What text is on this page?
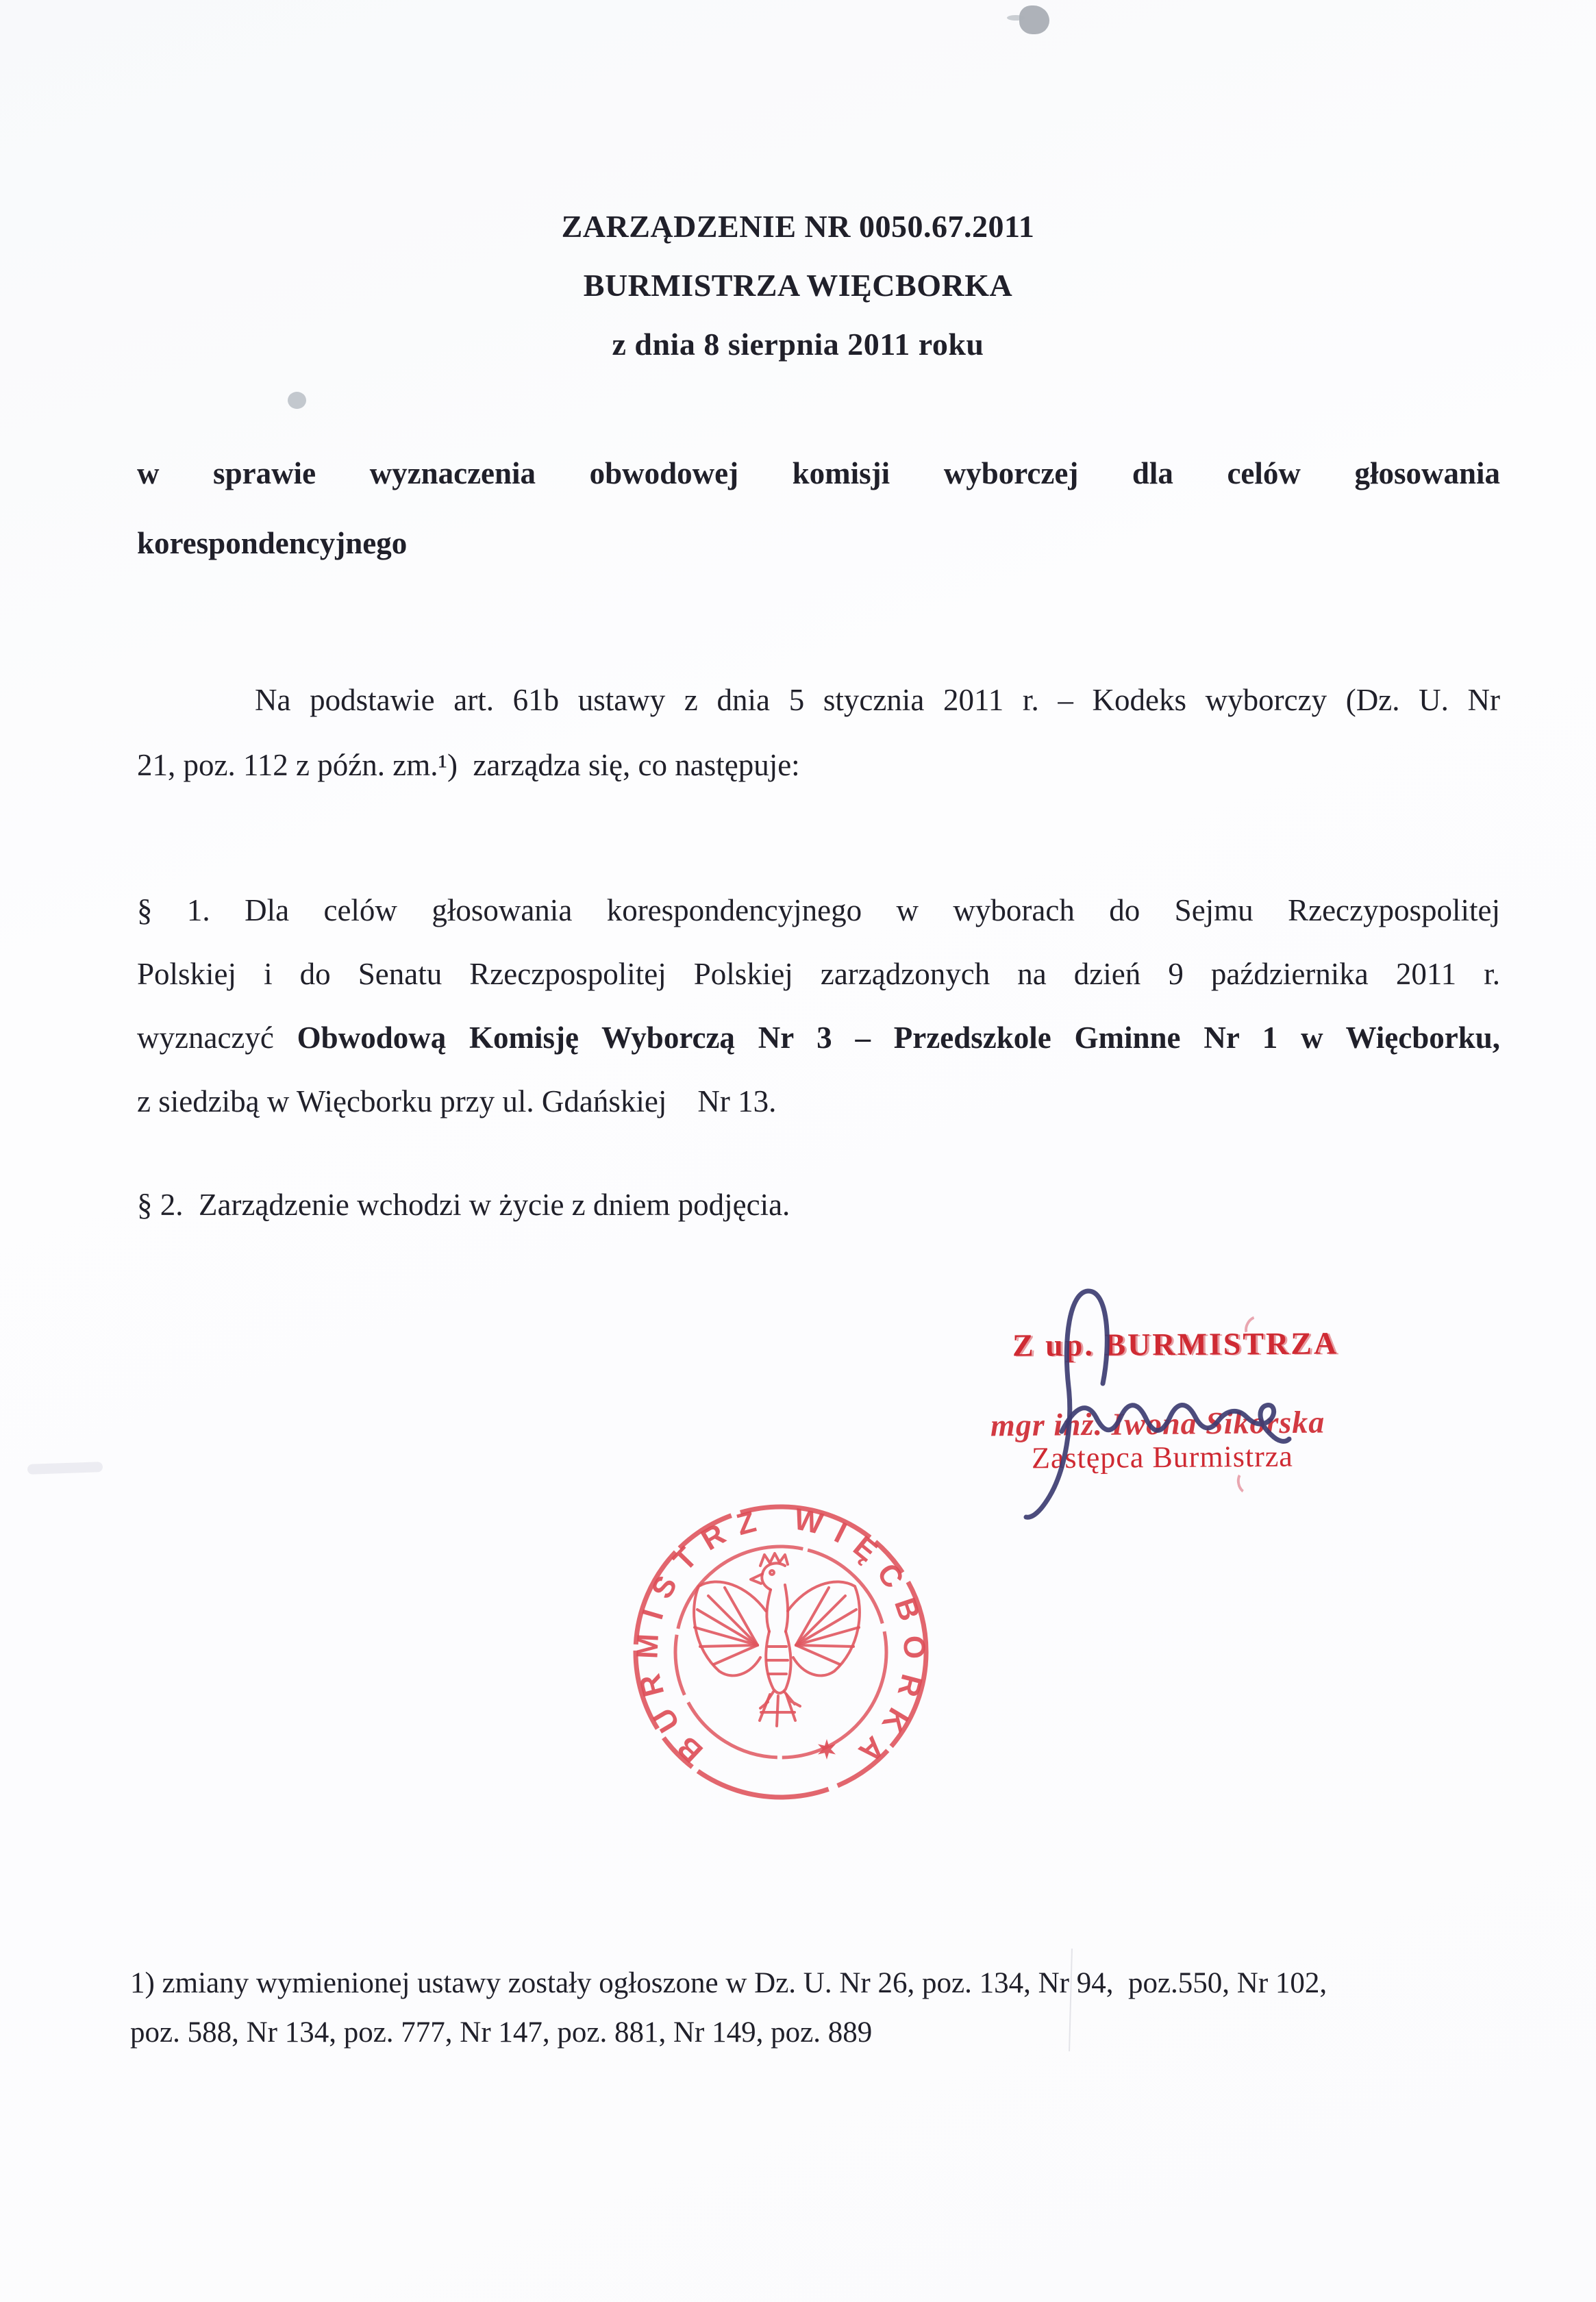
ZARZĄDZENIE NR 0050.67.2011
BURMISTRZA WIĘCBORKA
z dnia 8 sierpnia 2011 roku
w sprawie wyznaczenia obwodowej komisji wyborczej dla celów głosowania
korespondencyjnego
Na podstawie art. 61b ustawy z dnia 5 stycznia 2011 r. – Kodeks wyborczy (Dz. U. Nr
21, poz. 112 z późn. zm.¹)  zarządza się, co następuje:
§ 1. Dla celów głosowania korespondencyjnego w wyborach do Sejmu Rzeczypospolitej
Polskiej i do Senatu Rzeczpospolitej Polskiej zarządzonych na dzień 9 października 2011 r.
wyznaczyć Obwodową Komisję Wyborczą Nr 3 – Przedszkole Gminne Nr 1 w Więcborku,
z siedzibą w Więcborku przy ul. Gdańskiej    Nr 13.
§ 2.  Zarządzenie wchodzi w życie z dniem podjęcia.
Z up. BURMISTRZA
mgr inż. Iwona Sikorska
Zastępca Burmistrza
BURMISTRZ WIĘCBORKA
1) zmiany wymienionej ustawy zostały ogłoszone w Dz. U. Nr 26, poz. 134, Nr 94,  poz.550, Nr 102,
poz. 588, Nr 134, poz. 777, Nr 147, poz. 881, Nr 149, poz. 889
